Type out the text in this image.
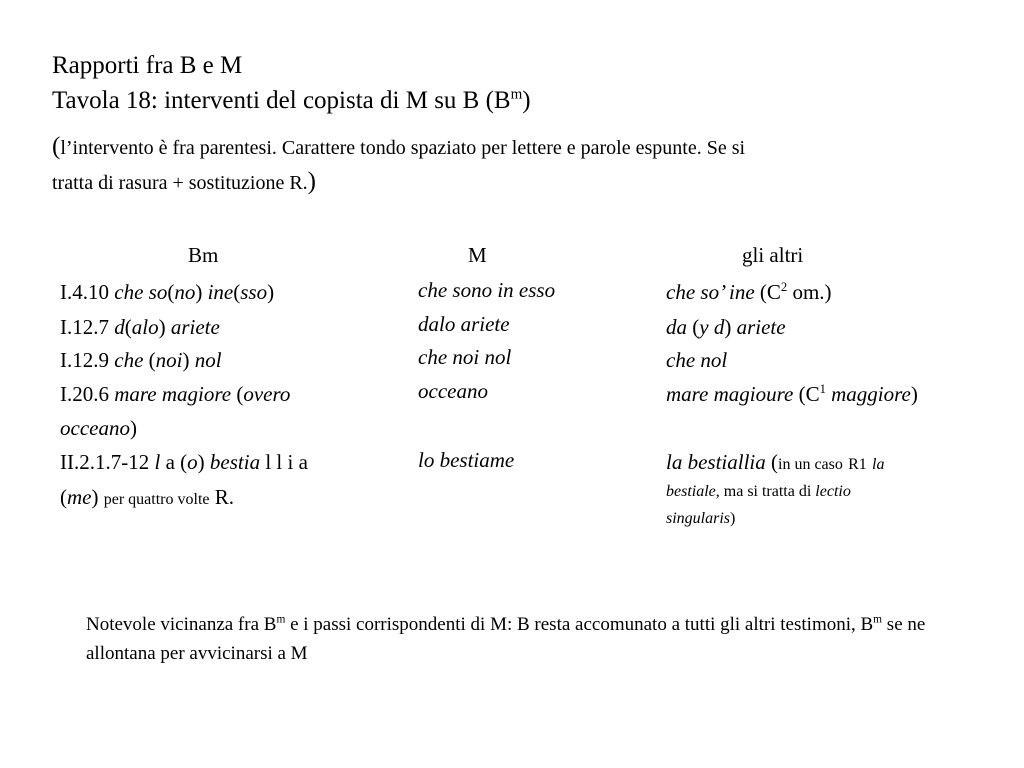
Rapporti fra B e M
Tavola 18: interventi del copista di M su B $(B^m)$
(l’intervento è fra parentesi. Carattere tondo spaziato per lettere e parole espunte. Se si
tratta di rasura + sostituzione R.)
Bm	M	gli altri
I.4.10 che so(no) ine(sso)
I.12.7 d(alo) ariete
I.12.9 che (noi) nol
I.20.6 mare magiore (overo
occeano)
II.2.1.7-12 l a (o) bestia l l i a
(me) per quattro volte R.
che sono in esso
dalo ariete
che noi nol
occeano
lo bestiame
che so’ ine ($C^2$ om.)
da (y d) ariete
che nol
mare magioure ($C^1$ maggiore)
la bestiallia (in un caso R1 la
bestiale, ma si tratta di lectio
singularis)
Notevole vicinanza fra $B^m$ e i passi corrispondenti di M: B resta accomunato a tutti gli altri testimoni, $B^m$ se ne allontana per avvicinarsi a M
